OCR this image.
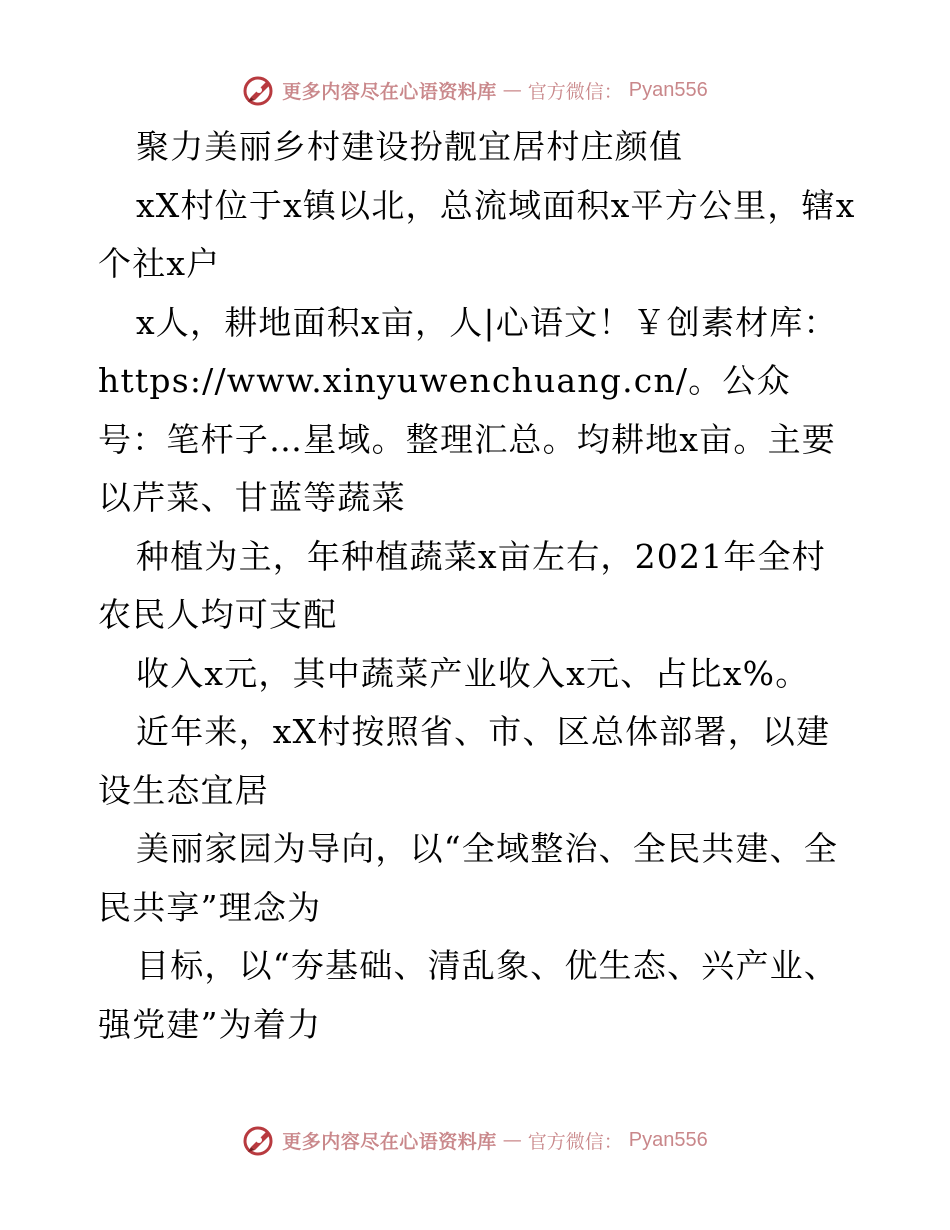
更多内容尽在心语资料库 — 官方微信： Pyan556

聚力美丽乡村建设扮靓宜居村庄颜值

xX村位于x镇以北，总流域面积x平方公里，辖x个社x户

x人，耕地面积x亩，人|心语文！￥创素材库：https://www.xinyuwenchuang.cn/。公众号：笔杆子…星域。整理汇总。均耕地x亩。主要以芹菜、甘蓝等蔬菜

种植为主，年种植蔬菜x亩左右，2021年全村农民人均可支配

收入x元，其中蔬菜产业收入x元、占比x%。

近年来，xX村按照省、市、区总体部署，以建设生态宜居

美丽家园为导向，以“全域整治、全民共建、全民共享”理念为

目标，以“夯基础、清乱象、优生态、兴产业、强党建”为着力

更多内容尽在心语资料库 — 官方微信： Pyan556
